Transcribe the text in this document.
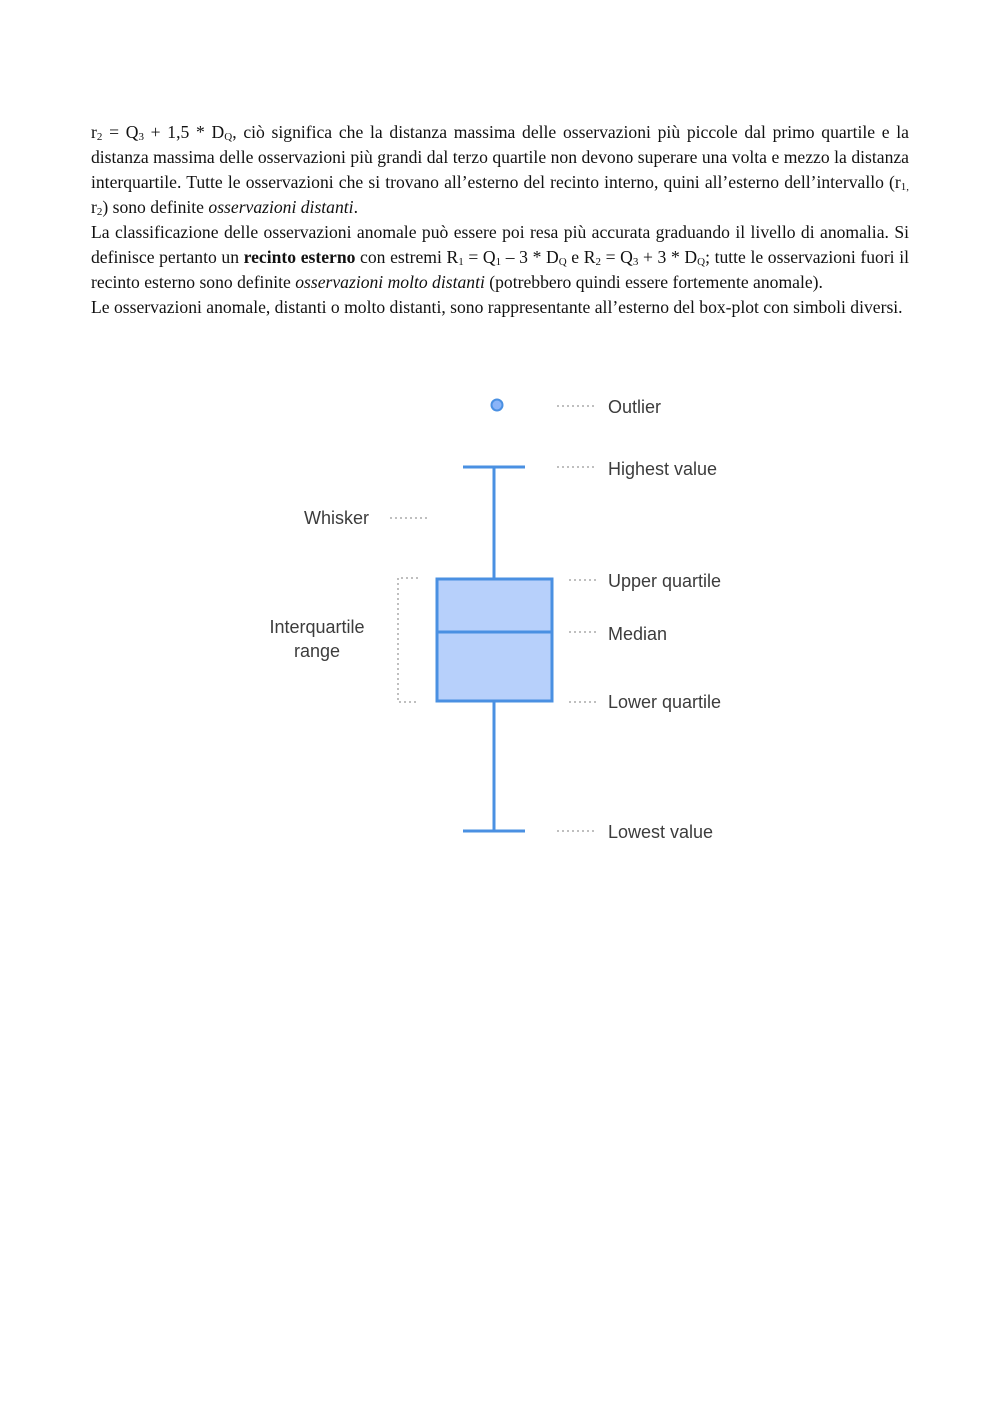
$r_2 = Q_3 + 1,5 * D_Q$, ciò significa che la distanza massima delle osservazioni più piccole dal primo quartile e la distanza massima delle osservazioni più grandi dal terzo quartile non devono superare una volta e mezzo la distanza interquartile. Tutte le osservazioni che si trovano all’esterno del recinto interno, quini all’esterno dell’intervallo ($r_{1,}$ $r_2$) sono definite osservazioni distanti.

La classificazione delle osservazioni anomale può essere poi resa più accurata graduando il livello di anomalia. Si definisce pertanto un recinto esterno con estremi $R_1 = Q_1 - 3 * D_Q$ e $R_2 = Q_3 + 3 * D_Q$; tutte le osservazioni fuori il recinto esterno sono definite osservazioni molto distanti (potrebbero quindi essere fortemente anomale).

Le osservazioni anomale, distanti o molto distanti, sono rappresentante all’esterno del box-plot con simboli diversi.

Outlier
Highest value
Whisker
Upper quartile
Interquartile
range
Median
Lower quartile
Lowest value
